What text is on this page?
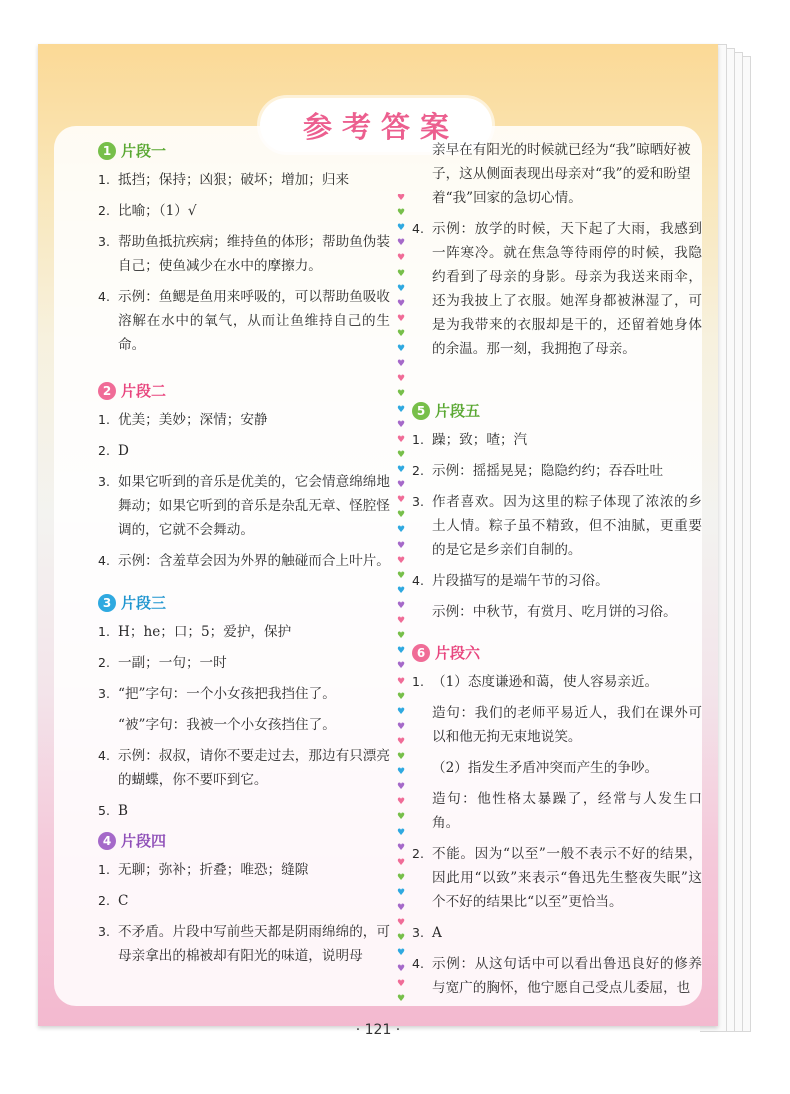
参考答案
1 片段一
1. 抵挡；保持；凶狠；破坏；增加；归来
2. 比喻；（1）√
3. 帮助鱼抵抗疾病；维持鱼的体形；帮助鱼伪装自己；使鱼减少在水中的摩擦力。
4. 示例：鱼鳃是鱼用来呼吸的，可以帮助鱼吸收溶解在水中的氧气，从而让鱼维持自己的生命。
2 片段二
1. 优美；美妙；深情；安静
2. D
3. 如果它听到的音乐是优美的，它会情意绵绵地舞动；如果它听到的音乐是杂乱无章、怪腔怪调的，它就不会舞动。
4. 示例：含羞草会因为外界的触碰而合上叶片。
3 片段三
1. H；he；口；5；爱护，保护
2. 一副；一句；一时
3. “把”字句：一个小女孩把我挡住了。
“被”字句：我被一个小女孩挡住了。
4. 示例：叔叔，请你不要走过去，那边有只漂亮的蝴蝶，你不要吓到它。
5. B
4 片段四
1. 无聊；弥补；折叠；唯恐；缝隙
2. C
3. 不矛盾。片段中写前些天都是阴雨绵绵的，可母亲拿出的棉被却有阳光的味道，说明母
♥
♥
♥
♥
♥
♥
♥
♥
♥
♥
♥
♥
♥
♥
♥
♥
♥
♥
♥
♥
♥
♥
♥
♥
♥
♥
♥
♥
♥
♥
♥
♥
♥
♥
♥
♥
♥
♥
♥
♥
♥
♥
♥
♥
♥
♥
♥
♥
♥
♥
♥
♥
♥
♥
亲早在有阳光的时候就已经为“我”晾晒好被子，这从侧面表现出母亲对“我”的爱和盼望着“我”回家的急切心情。
4. 示例：放学的时候，天下起了大雨，我感到一阵寒冷。就在焦急等待雨停的时候，我隐约看到了母亲的身影。母亲为我送来雨伞，还为我披上了衣服。她浑身都被淋湿了，可是为我带来的衣服却是干的，还留着她身体的余温。那一刻，我拥抱了母亲。
5 片段五
1. 躁；致；喳；汽
2. 示例：摇摇晃晃；隐隐约约；吞吞吐吐
3. 作者喜欢。因为这里的粽子体现了浓浓的乡土人情。粽子虽不精致，但不油腻，更重要的是它是乡亲们自制的。
4. 片段描写的是端午节的习俗。
示例：中秋节，有赏月、吃月饼的习俗。
6 片段六
1. （1）态度谦逊和蔼，使人容易亲近。
造句：我们的老师平易近人，我们在课外可以和他无拘无束地说笑。
（2）指发生矛盾冲突而产生的争吵。
造句：他性格太暴躁了，经常与人发生口角。
2. 不能。因为“以至”一般不表示不好的结果，因此用“以致”来表示“鲁迅先生整夜失眠”这个不好的结果比“以至”更恰当。
3. A
4. 示例：从这句话中可以看出鲁迅良好的修养与宽广的胸怀，他宁愿自己受点儿委屈，也
· 121 ·
